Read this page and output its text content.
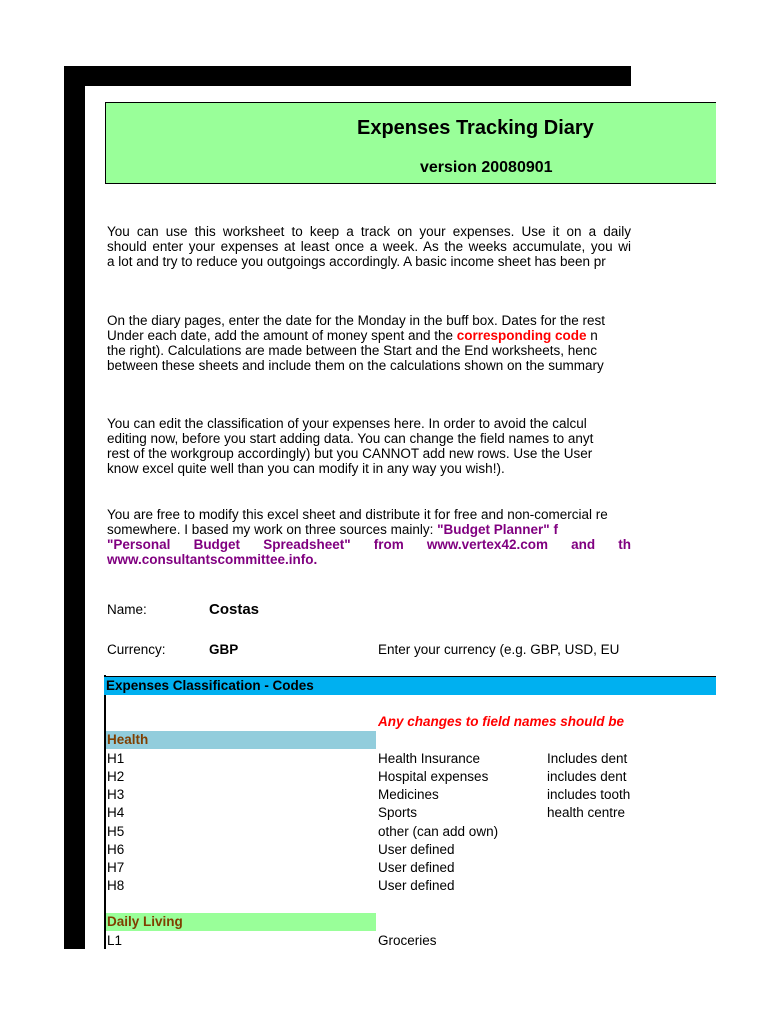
Expenses Tracking Diary
version 20080901
You can use this worksheet to keep a track on your expenses. Use it on a daily
should enter your expenses at least once a week. As the weeks accumulate, you wi
a lot and try to reduce you outgoings accordingly. A basic income sheet has been pr
On the diary pages, enter the date for the Monday in the buff box. Dates for the rest
Under each date, add the amount of money spent and the corresponding code n
the right). Calculations are made between the Start and the End worksheets, henc
between these sheets and include them on the calculations shown on the summary
You can edit the classification of your expenses here. In order to avoid the calcul
editing now, before you start adding data. You can change the field names to anyt
rest of the workgroup accordingly) but you CANNOT add new rows. Use the User
know excel quite well than you can modify it in any way you wish!).
You are free to modify this excel sheet and distribute it for free and non-comercial re
somewhere. I based my work on three sources mainly: "Budget Planner" f
"Personal Budget Spreadsheet" from www.vertex42.com and th
www.consultantscommittee.info.
Name:	Costas
Currency:	GBP	Enter your currency (e.g. GBP, USD, EU
Expenses Classification - Codes
Any changes to field names should be
Health
H1	Health Insurance	Includes dent
H2	Hospital expenses	includes dent
H3	Medicines	includes tooth
H4	Sports	health centre
H5	other (can add own)
H6	User defined
H7	User defined
H8	User defined
Daily Living
L1	Groceries
